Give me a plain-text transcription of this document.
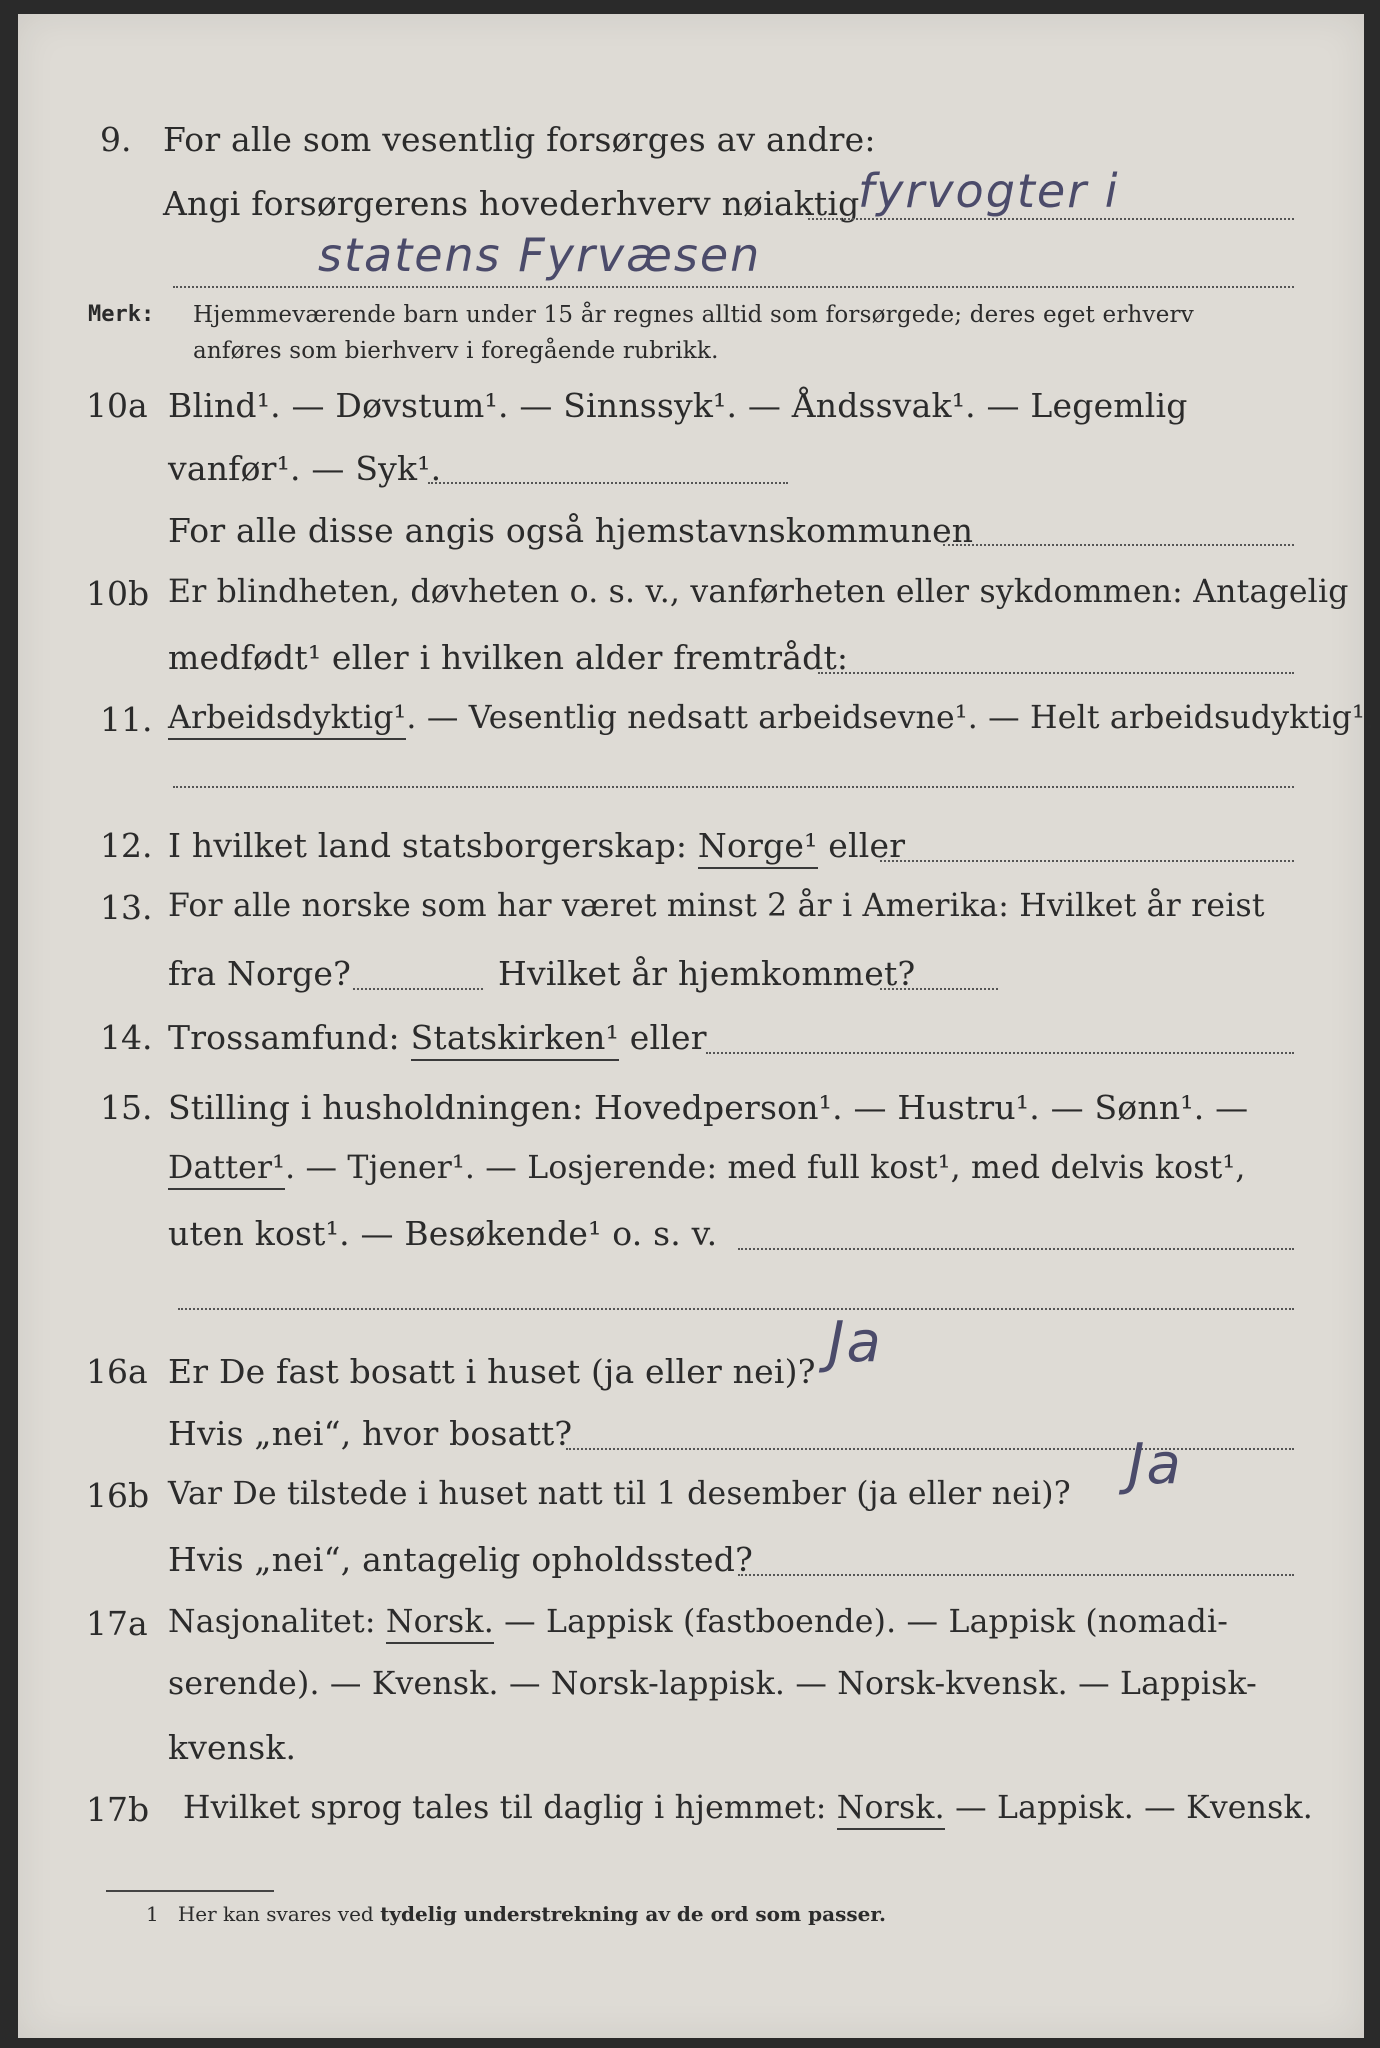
9. For alle som vesentlig forsørges av andre:
Angi forsørgerens hovederhverv nøiaktig
fyrvogter i
statens Fyrvæsen
Merk: Hjemmeværende barn under 15 år regnes alltid som forsørgede; deres eget erhverv
anføres som bierhverv i foregående rubrikk.
10a Blind¹. — Døvstum¹. — Sinnssyk¹. — Åndssvak¹. — Legemlig
vanfør¹. — Syk¹.
For alle disse angis også hjemstavnskommunen
10b Er blindheten, døvheten o. s. v., vanførheten eller sykdommen: Antagelig
medfødt¹ eller i hvilken alder fremtrådt:
11. Arbeidsdyktig¹. — Vesentlig nedsatt arbeidsevne¹. — Helt arbeidsudyktig¹.
12. I hvilket land statsborgerskap: Norge¹ eller
13. For alle norske som har været minst 2 år i Amerika: Hvilket år reist
fra Norge?	Hvilket år hjemkommet?
14. Trossamfund: Statskirken¹ eller
15. Stilling i husholdningen: Hovedperson¹. — Hustru¹. — Sønn¹. —
Datter¹. — Tjener¹. — Losjerende: med full kost¹, med delvis kost¹,
uten kost¹. — Besøkende¹ o. s. v.
16a Er De fast bosatt i huset (ja eller nei)? Ja
Hvis „nei“, hvor bosatt?
16b Var De tilstede i huset natt til 1 desember (ja eller nei)? Ja
Hvis „nei“, antagelig opholdssted?
17a Nasjonalitet: Norsk. — Lappisk (fastboende). — Lappisk (nomadi-
serende). — Kvensk. — Norsk-lappisk. — Norsk-kvensk. — Lappisk-
kvensk.
17b Hvilket sprog tales til daglig i hjemmet: Norsk. — Lappisk. — Kvensk.
1 Her kan svares ved tydelig understrekning av de ord som passer.
